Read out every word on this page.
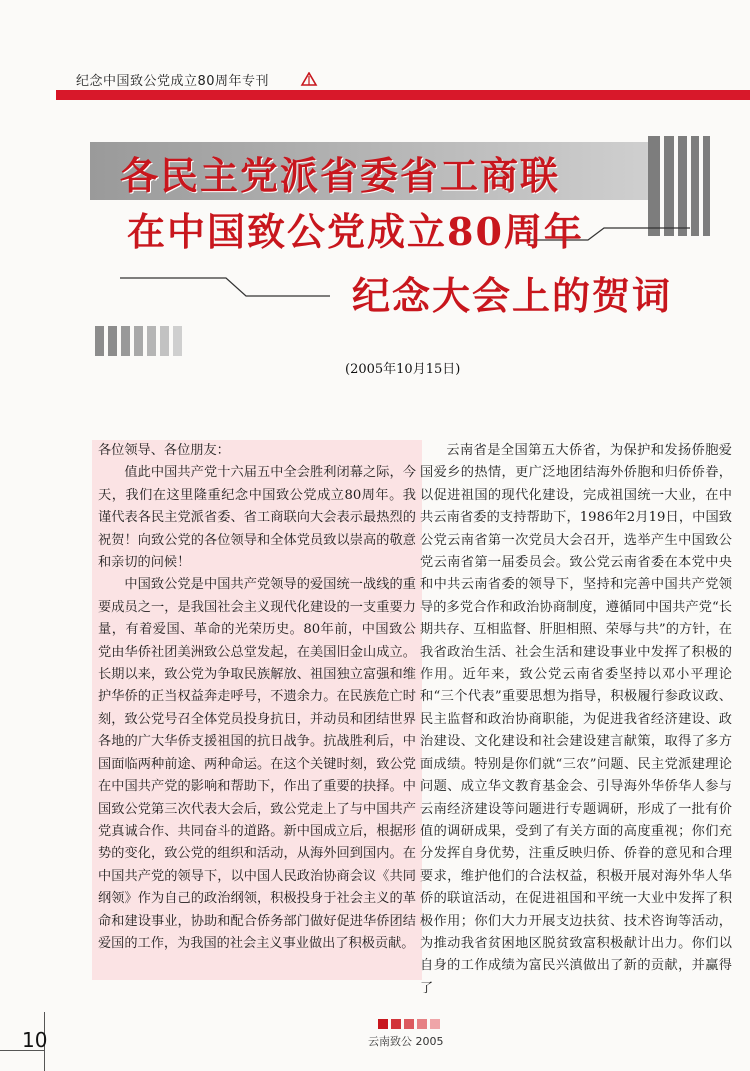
纪念中国致公党成立80周年专刊
各民主党派省委省工商联
在中国致公党成立80周年
纪念大会上的贺词
(2005年10月15日)

各位领导、各位朋友：

值此中国共产党十六届五中全会胜利闭幕之际，今天，我们在这里隆重纪念中国致公党成立80周年。我谨代表各民主党派省委、省工商联向大会表示最热烈的祝贺！向致公党的各位领导和全体党员致以崇高的敬意和亲切的问候！

中国致公党是中国共产党领导的爱国统一战线的重要成员之一，是我国社会主义现代化建设的一支重要力量，有着爱国、革命的光荣历史。80年前，中国致公党由华侨社团美洲致公总堂发起，在美国旧金山成立。长期以来，致公党为争取民族解放、祖国独立富强和维护华侨的正当权益奔走呼号，不遗余力。在民族危亡时刻，致公党号召全体党员投身抗日，并动员和团结世界各地的广大华侨支援祖国的抗日战争。抗战胜利后，中国面临两种前途、两种命运。在这个关键时刻，致公党在中国共产党的影响和帮助下，作出了重要的抉择。中国致公党第三次代表大会后，致公党走上了与中国共产党真诚合作、共同奋斗的道路。新中国成立后，根据形势的变化，致公党的组织和活动，从海外回到国内。在中国共产党的领导下，以中国人民政治协商会议《共同纲领》作为自己的政治纲领，积极投身于社会主义的革命和建设事业，协助和配合侨务部门做好促进华侨团结爱国的工作，为我国的社会主义事业做出了积极贡献。

云南省是全国第五大侨省，为保护和发扬侨胞爱国爱乡的热情，更广泛地团结海外侨胞和归侨侨眷，以促进祖国的现代化建设，完成祖国统一大业，在中共云南省委的支持帮助下，1986年2月19日，中国致公党云南省第一次党员大会召开，选举产生中国致公党云南省第一届委员会。致公党云南省委在本党中央和中共云南省委的领导下，坚持和完善中国共产党领导的多党合作和政治协商制度，遵循同中国共产党“长期共存、互相监督、肝胆相照、荣辱与共”的方针，在我省政治生活、社会生活和建设事业中发挥了积极的作用。近年来，致公党云南省委坚持以邓小平理论和“三个代表”重要思想为指导，积极履行参政议政、民主监督和政治协商职能，为促进我省经济建设、政治建设、文化建设和社会建设建言献策，取得了多方面成绩。特别是你们就“三农”问题、民主党派建理论问题、成立华文教育基金会、引导海外华侨华人参与云南经济建设等问题进行专题调研，形成了一批有价值的调研成果，受到了有关方面的高度重视；你们充分发挥自身优势，注重反映归侨、侨眷的意见和合理要求，维护他们的合法权益，积极开展对海外华人华侨的联谊活动，在促进祖国和平统一大业中发挥了积极作用；你们大力开展支边扶贫、技术咨询等活动，为推动我省贫困地区脱贫致富积极献计出力。你们以自身的工作成绩为富民兴滇做出了新的贡献，并赢得了

云南致公 2005
10
